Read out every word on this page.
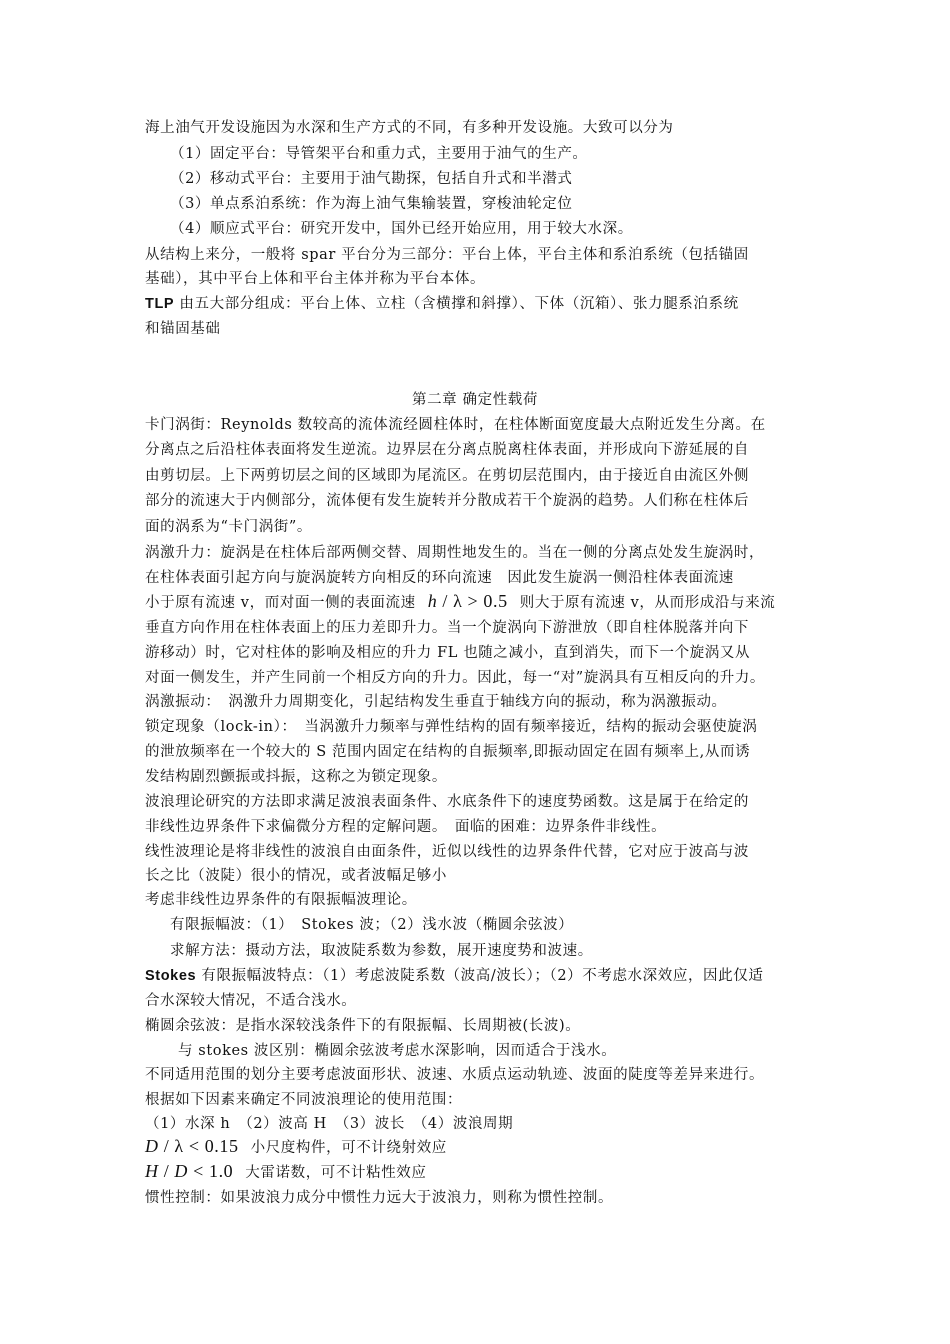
海上油气开发设施因为水深和生产方式的不同，有多种开发设施。大致可以分为
（1）固定平台：导管架平台和重力式，主要用于油气的生产。
（2）移动式平台：主要用于油气勘探，包括自升式和半潜式
（3）单点系泊系统：作为海上油气集输装置，穿梭油轮定位
（4）顺应式平台：研究开发中，国外已经开始应用，用于较大水深。
从结构上来分，一般将 spar 平台分为三部分：平台上体，平台主体和系泊系统（包括锚固
基础），其中平台上体和平台主体并称为平台本体。
TLP 由五大部分组成：平台上体、立柱（含横撑和斜撑）、下体（沉箱）、张力腿系泊系统
和锚固基础
第二章 确定性载荷
卡门涡街：Reynolds 数较高的流体流经圆柱体时，在柱体断面宽度最大点附近发生分离。在
分离点之后沿柱体表面将发生逆流。边界层在分离点脱离柱体表面，并形成向下游延展的自
由剪切层。上下两剪切层之间的区域即为尾流区。在剪切层范围内，由于接近自由流区外侧
部分的流速大于内侧部分，流体便有发生旋转并分散成若干个旋涡的趋势。人们称在柱体后
面的涡系为“卡门涡街”。
涡激升力：旋涡是在柱体后部两侧交替、周期性地发生的。当在一侧的分离点处发生旋涡时，
在柱体表面引起方向与旋涡旋转方向相反的环向流速　因此发生旋涡一侧沿柱体表面流速
小于原有流速 v，而对面一侧的表面流速 h / λ > 0.5 则大于原有流速 v，从而形成沿与来流
垂直方向作用在柱体表面上的压力差即升力。当一个旋涡向下游泄放（即自柱体脱落并向下
游移动）时，它对柱体的影响及相应的升力 FL 也随之减小，直到消失，而下一个旋涡又从
对面一侧发生，并产生同前一个相反方向的升力。因此，每一“对”旋涡具有互相反向的升力。
涡激振动：　涡激升力周期变化，引起结构发生垂直于轴线方向的振动，称为涡激振动。
锁定现象（lock-in）：　当涡激升力频率与弹性结构的固有频率接近，结构的振动会驱使旋涡
的泄放频率在一个较大的 S 范围内固定在结构的自振频率,即振动固定在固有频率上,从而诱
发结构剧烈颤振或抖振，这称之为锁定现象。
波浪理论研究的方法即求满足波浪表面条件、水底条件下的速度势函数。这是属于在给定的
非线性边界条件下求偏微分方程的定解问题。　面临的困难：边界条件非线性。
线性波理论是将非线性的波浪自由面条件，近似以线性的边界条件代替，它对应于波高与波
长之比（波陡）很小的情况，或者波幅足够小
考虑非线性边界条件的有限振幅波理论。
有限振幅波：（1）　Stokes 波；（2）浅水波（椭圆余弦波）
求解方法：摄动方法，取波陡系数为参数，展开速度势和波速。
Stokes 有限振幅波特点：（1）考虑波陡系数（波高/波长）；（2）不考虑水深效应，因此仅适
合水深较大情况，不适合浅水。
椭圆余弦波：是指水深较浅条件下的有限振幅、长周期被(长波)。
与 stokes 波区别：椭圆余弦波考虑水深影响，因而适合于浅水。
不同适用范围的划分主要考虑波面形状、波速、水质点运动轨迹、波面的陡度等差异来进行。
根据如下因素来确定不同波浪理论的使用范围：
（1）水深 h　（2）波高 H　（3）波长　（4）波浪周期
D / λ < 0.15 小尺度构件，可不计绕射效应
H / D < 1.0 大雷诺数，可不计粘性效应
惯性控制：如果波浪力成分中惯性力远大于波浪力，则称为惯性控制。
